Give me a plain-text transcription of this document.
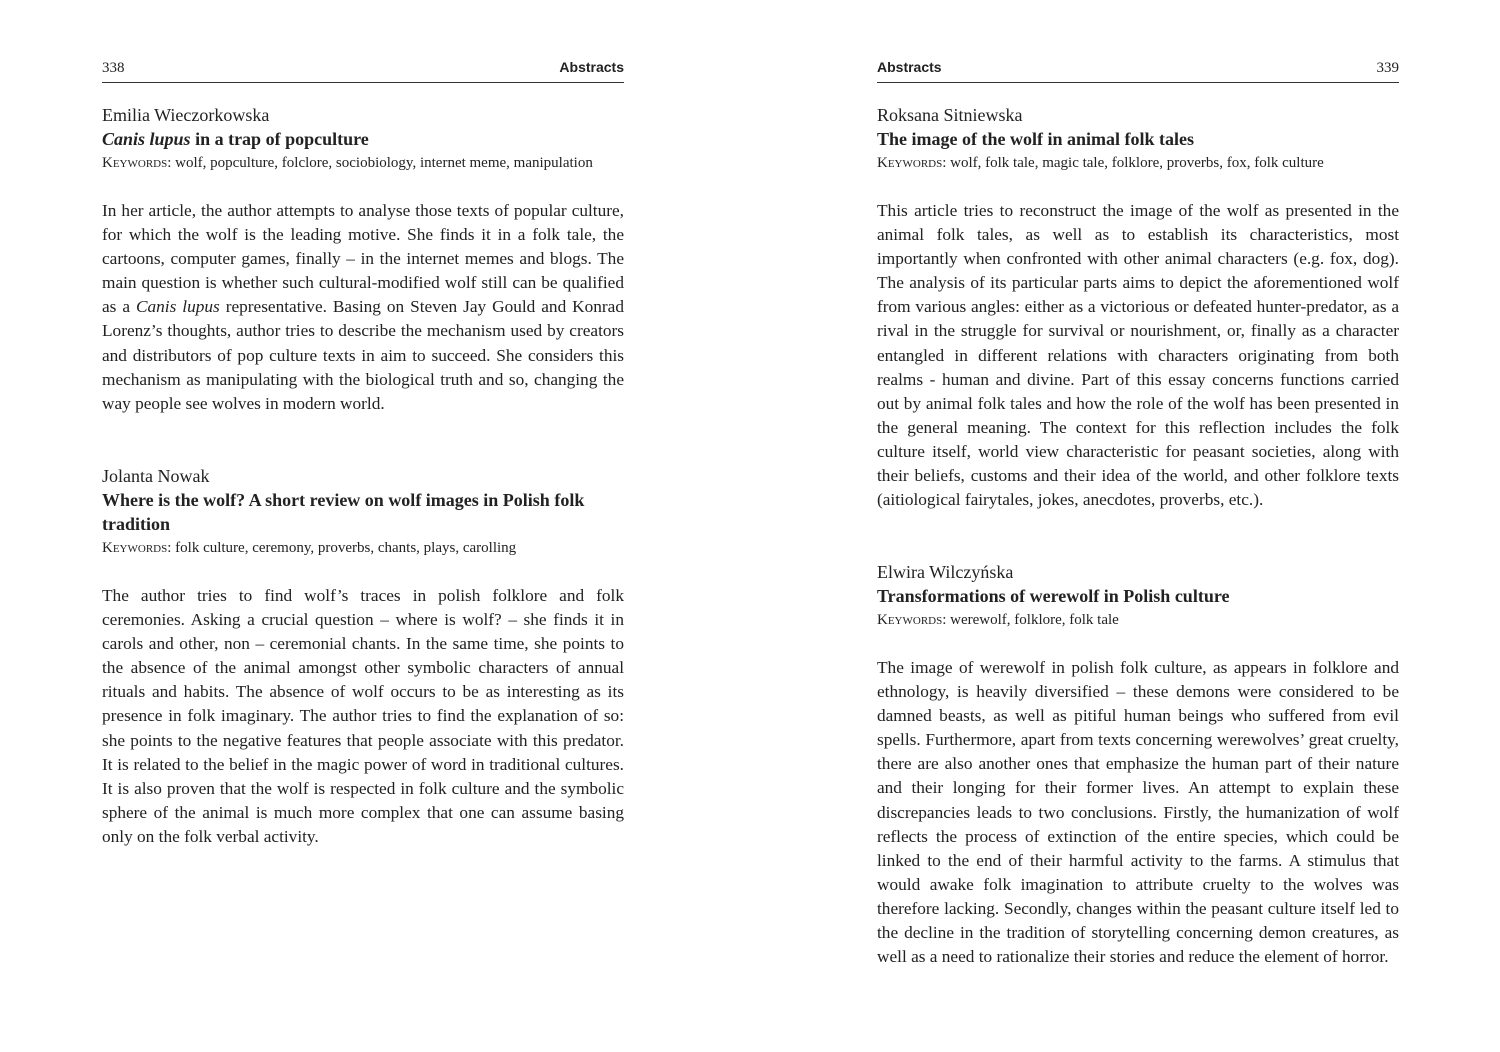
338	Abstracts

Emilia Wieczorkowska

Canis lupus in a trap of popculture

Keywords: wolf, popculture, folclore, sociobiology, internet meme, manipulation

In her article, the author attempts to analyse those texts of popular culture, for which the wolf is the leading motive. She finds it in a folk tale, the cartoons, computer games, finally – in the internet memes and blogs. The main question is whether such cultural-modified wolf still can be qualified as a Canis lupus representative. Basing on Steven Jay Gould and Konrad Lorenz’s thoughts, author tries to describe the mechanism used by creators and distributors of pop culture texts in aim to succeed. She considers this mechanism as manipulating with the biological truth and so, changing the way people see wolves in modern world.

Jolanta Nowak

Where is the wolf? A short review on wolf images in Polish folk tradition

Keywords: folk culture, ceremony, proverbs, chants, plays, carolling

The author tries to find wolf’s traces in polish folklore and folk ceremonies. Asking a crucial question – where is wolf? – she finds it in carols and other, non – ceremonial chants. In the same time, she points to the absence of the animal amongst other symbolic characters of annual rituals and habits. The absence of wolf occurs to be as interesting as its presence in folk imaginary. The author tries to find the explanation of so: she points to the negative features that people associate with this predator. It is related to the belief in the magic power of word in traditional cultures. It is also proven that the wolf is respected in folk culture and the symbolic sphere of the animal is much more complex that one can assume basing only on the folk verbal activity.

Abstracts	339

Roksana Sitniewska

The image of the wolf in animal folk tales

Keywords: wolf, folk tale, magic tale, folklore, proverbs, fox, folk culture

This article tries to reconstruct the image of the wolf as presented in the animal folk tales, as well as to establish its characteristics, most importantly when confronted with other animal characters (e.g. fox, dog). The analysis of its particular parts aims to depict the aforementioned wolf from various angles: either as a victorious or defeated hunter-predator, as a rival in the struggle for survival or nourishment, or, finally as a character entangled in different relations with characters originating from both realms - human and divine. Part of this essay concerns functions carried out by animal folk tales and how the role of the wolf has been presented in the general meaning. The context for this reflection includes the folk culture itself, world view characteristic for peasant societies, along with their beliefs, customs and their idea of the world, and other folklore texts (aitiological fairytales, jokes, anecdotes, proverbs, etc.).

Elwira Wilczyńska

Transformations of werewolf in Polish culture

Keywords: werewolf, folklore, folk tale

The image of werewolf in polish folk culture, as appears in folklore and ethnology, is heavily diversified – these demons were considered to be damned beasts, as well as pitiful human beings who suffered from evil spells. Furthermore, apart from texts concerning werewolves’ great cruelty, there are also another ones that emphasize the human part of their nature and their longing for their former lives. An attempt to explain these discrepancies leads to two conclusions. Firstly, the humanization of wolf reflects the process of extinction of the entire species, which could be linked to the end of their harmful activity to the farms. A stimulus that would awake folk imagination to attribute cruelty to the wolves was therefore lacking. Secondly, changes within the peasant culture itself led to the decline in the tradition of storytelling concerning demon creatures, as well as a need to rationalize their stories and reduce the element of horror.
